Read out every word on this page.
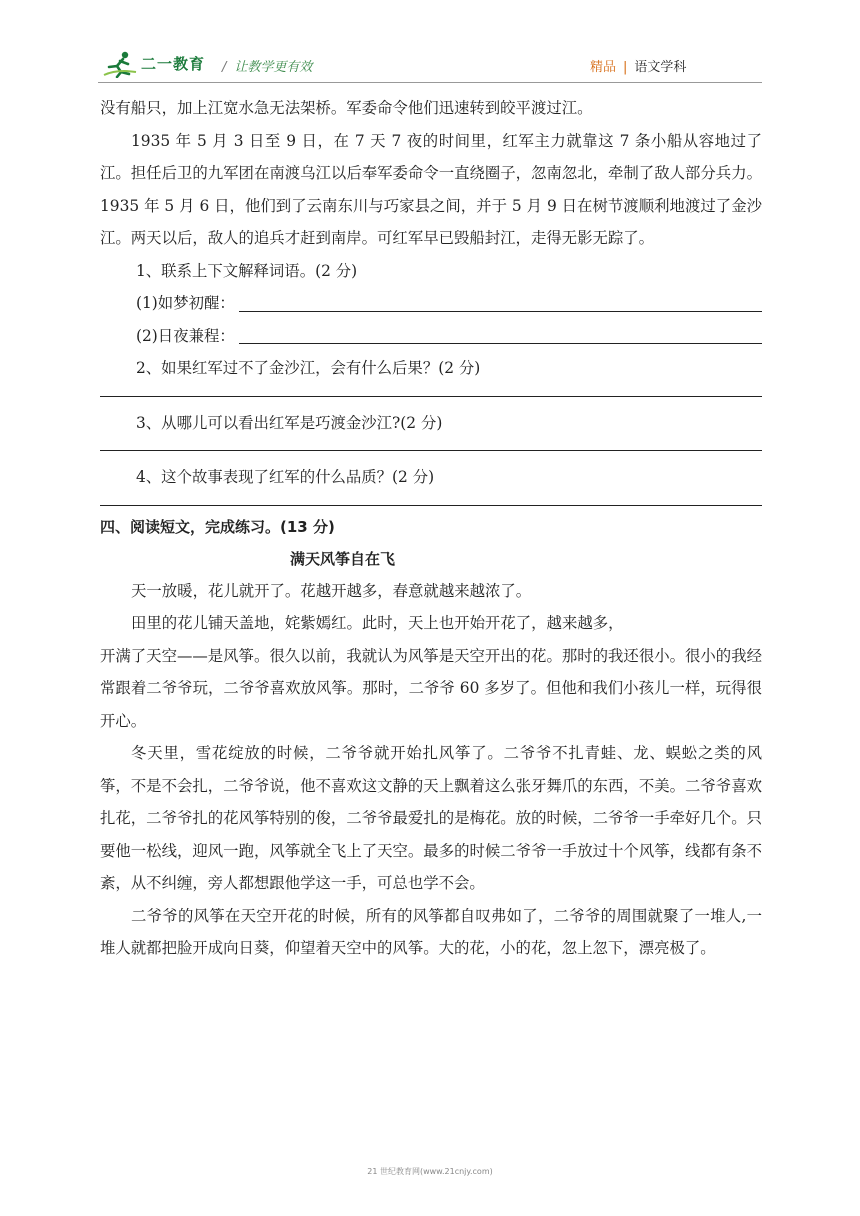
二一教育 / 让教学更有效	精品 | 语文学科

没有船只，加上江宽水急无法架桥。军委命令他们迅速转到皎平渡过江。

1935 年 5 月 3 日至 9 日，在 7 天 7 夜的时间里，红军主力就靠这 7 条小船从容地过了江。担任后卫的九军团在南渡乌江以后奉军委命令一直绕圈子，忽南忽北，牵制了敌人部分兵力。1935 年 5 月 6 日，他们到了云南东川与巧家县之间，并于 5 月 9 日在树节渡顺利地渡过了金沙江。两天以后，敌人的追兵才赶到南岸。可红军早已毁船封江，走得无影无踪了。

1、联系上下文解释词语。(2 分)

(1)如梦初醒：
(2)日夜兼程：

2、如果红军过不了金沙江，会有什么后果？(2 分)

3、从哪儿可以看出红军是巧渡金沙江?(2 分)

4、这个故事表现了红军的什么品质？(2 分)

四、阅读短文，完成练习。(13 分)

满天风筝自在飞

天一放暖，花儿就开了。花越开越多，春意就越来越浓了。

田里的花儿铺天盖地，姹紫嫣红。此时，天上也开始开花了，越来越多，

开满了天空——是风筝。很久以前，我就认为风筝是天空开出的花。那时的我还很小。很小的我经常跟着二爷爷玩，二爷爷喜欢放风筝。那时，二爷爷 60 多岁了。但他和我们小孩儿一样，玩得很开心。

冬天里，雪花绽放的时候，二爷爷就开始扎风筝了。二爷爷不扎青蛙、龙、蜈蚣之类的风筝，不是不会扎，二爷爷说，他不喜欢这文静的天上飘着这么张牙舞爪的东西，不美。二爷爷喜欢扎花，二爷爷扎的花风筝特别的俊，二爷爷最爱扎的是梅花。放的时候，二爷爷一手牵好几个。只要他一松线，迎风一跑，风筝就全飞上了天空。最多的时候二爷爷一手放过十个风筝，线都有条不紊，从不纠缠，旁人都想跟他学这一手，可总也学不会。

二爷爷的风筝在天空开花的时候，所有的风筝都自叹弗如了，二爷爷的周围就聚了一堆人,一堆人就都把脸开成向日葵，仰望着天空中的风筝。大的花，小的花，忽上忽下，漂亮极了。

21 世纪教育网(www.21cnjy.com)
